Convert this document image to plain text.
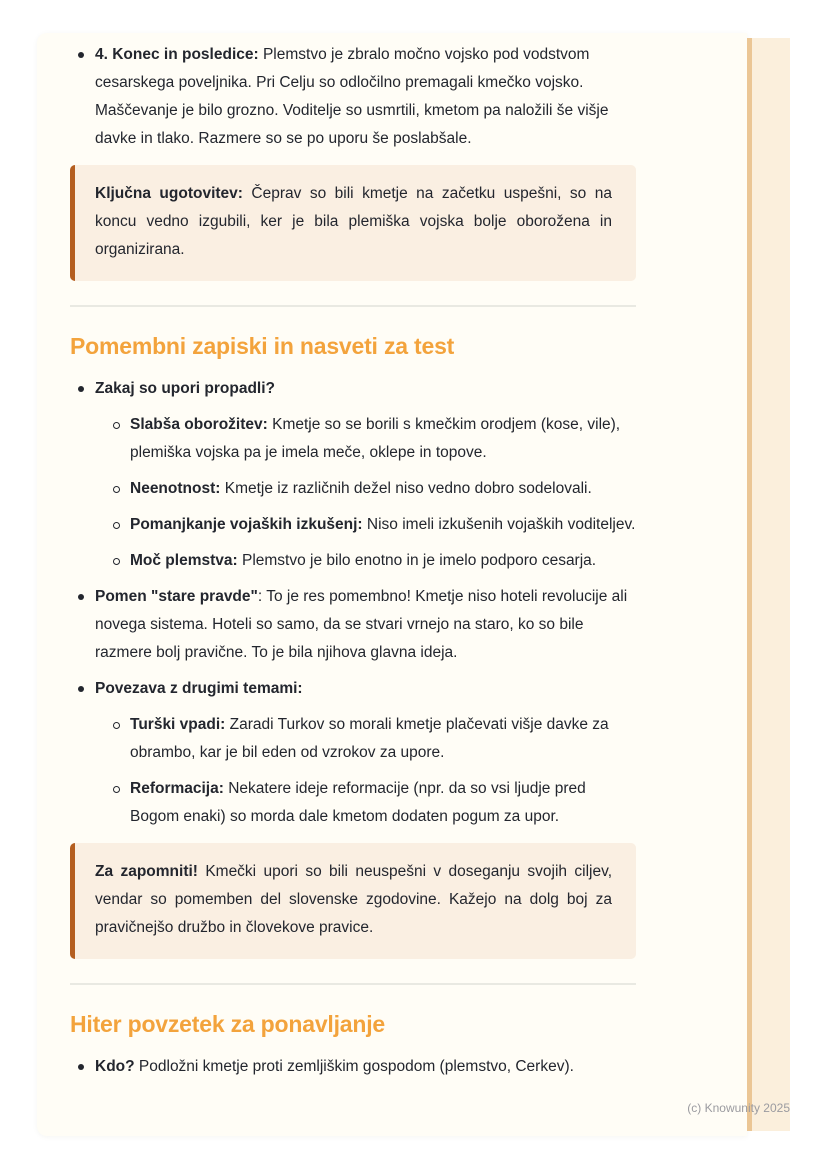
4. Konec in posledice: Plemstvo je zbralo močno vojsko pod vodstvom cesarskega poveljnika. Pri Celju so odločilno premagali kmečko vojsko. Maščevanje je bilo grozno. Voditelje so usmrtili, kmetom pa naložili še višje davke in tlako. Razmere so se po uporu še poslabšale.
Ključna ugotovitev: Čeprav so bili kmetje na začetku uspešni, so na koncu vedno izgubili, ker je bila plemiška vojska bolje oborožena in organizirana.
Pomembni zapiski in nasveti za test
Zakaj so upori propadli?
Slabša oborožitev: Kmetje so se borili s kmečkim orodjem (kose, vile), plemiška vojska pa je imela meče, oklepe in topove.
Neenotnost: Kmetje iz različnih dežel niso vedno dobro sodelovali.
Pomanjkanje vojaških izkušenj: Niso imeli izkušenih vojaških voditeljev.
Moč plemstva: Plemstvo je bilo enotno in je imelo podporo cesarja.
Pomen "stare pravde": To je res pomembno! Kmetje niso hoteli revolucije ali novega sistema. Hoteli so samo, da se stvari vrnejo na staro, ko so bile razmere bolj pravične. To je bila njihova glavna ideja.
Povezava z drugimi temami:
Turški vpadi: Zaradi Turkov so morali kmetje plačevati višje davke za obrambo, kar je bil eden od vzrokov za upore.
Reformacija: Nekatere ideje reformacije (npr. da so vsi ljudje pred Bogom enaki) so morda dale kmetom dodaten pogum za upor.
Za zapomniti! Kmečki upori so bili neuspešni v doseganju svojih ciljev, vendar so pomemben del slovenske zgodovine. Kažejo na dolg boj za pravičnejšo družbo in človekove pravice.
Hiter povzetek za ponavljanje
Kdo? Podložni kmetje proti zemljiškim gospodom (plemstvo, Cerkev).
(c) Knowunity 2025
